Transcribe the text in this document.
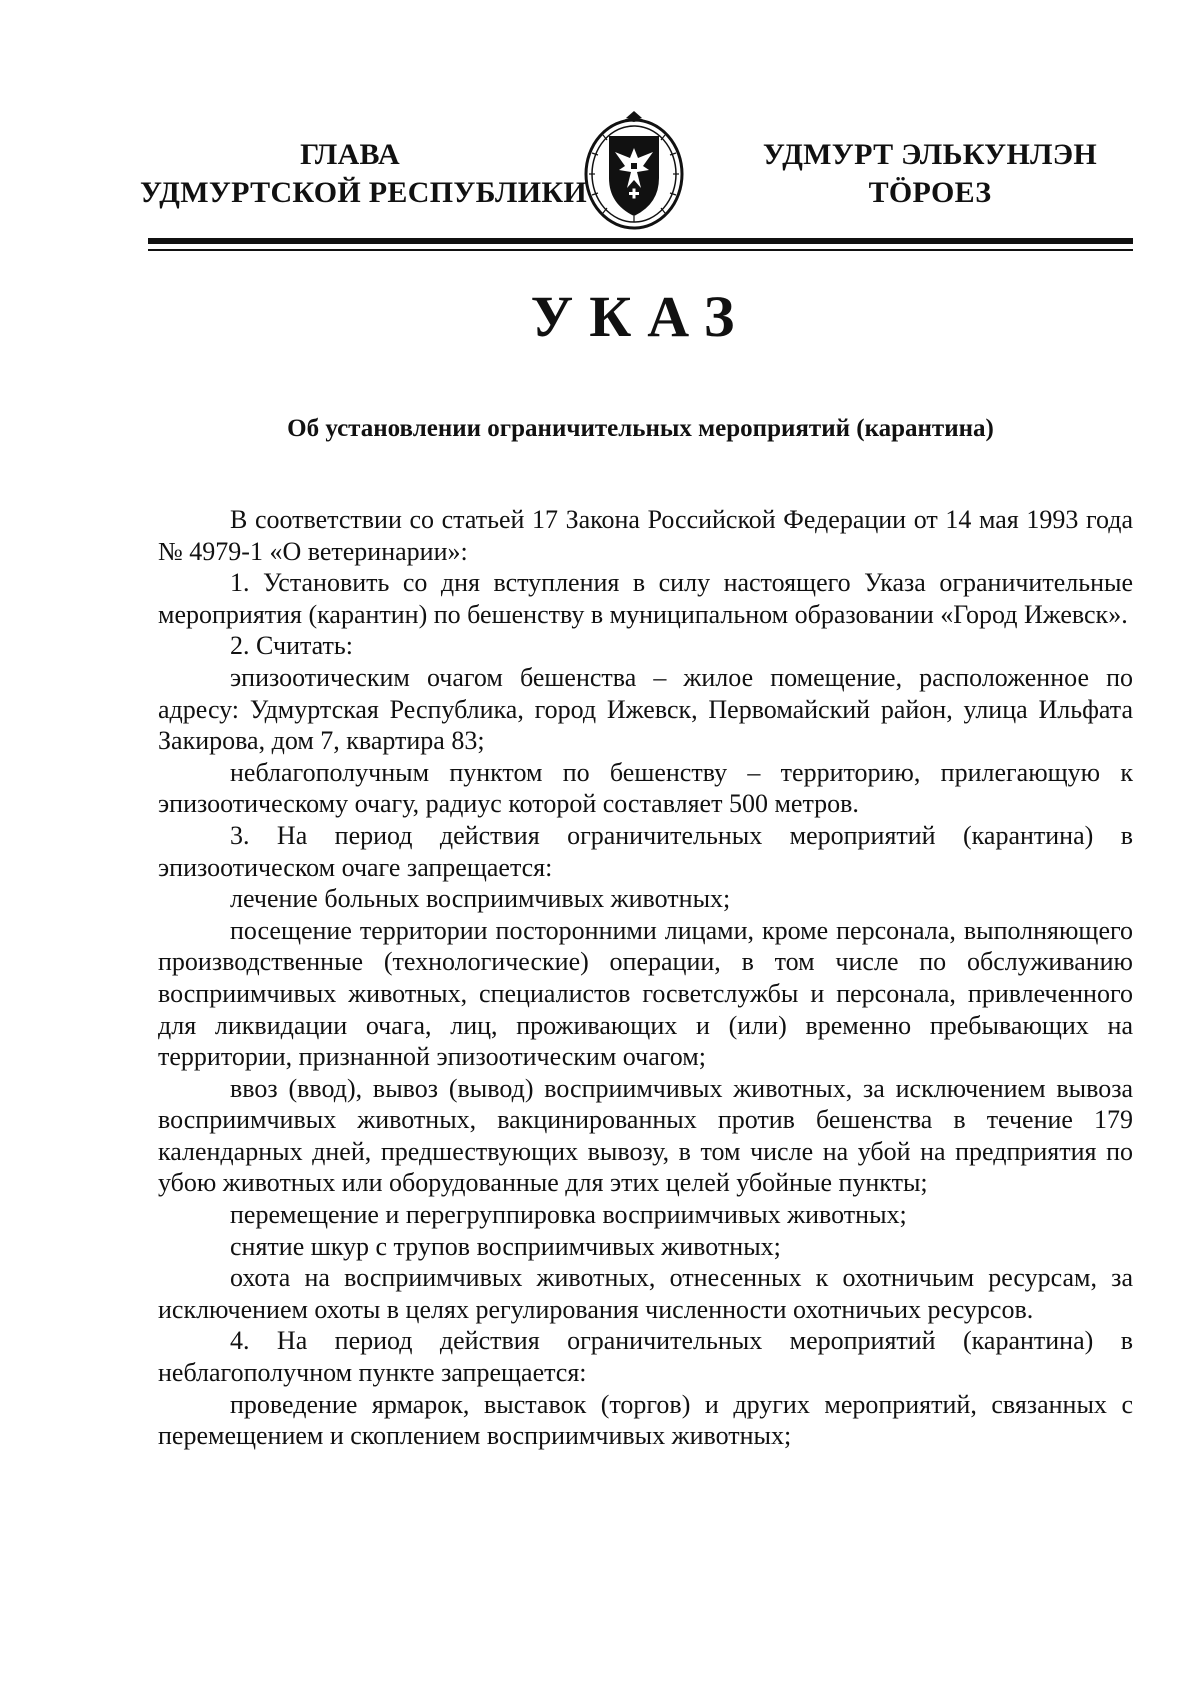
ГЛАВА
УДМУРТСКОЙ РЕСПУБЛИКИ
УДМУРТ ЭЛЬКУНЛЭН
ТӦРОЕЗ
УКАЗ
Об установлении ограничительных мероприятий (карантина)

В соответствии со статьей 17 Закона Российской Федерации от 14 мая 1993 года № 4979-1 «О ветеринарии»:

1. Установить со дня вступления в силу настоящего Указа ограничительные мероприятия (карантин) по бешенству в муниципальном образовании «Город Ижевск».

2. Считать:

эпизоотическим очагом бешенства – жилое помещение, расположенное по адресу: Удмуртская Республика, город Ижевск, Первомайский район, улица Ильфата Закирова, дом 7, квартира 83;

неблагополучным пунктом по бешенству – территорию, прилегающую к эпизоотическому очагу, радиус которой составляет 500 метров.

3. На период действия ограничительных мероприятий (карантина) в эпизоотическом очаге запрещается:

лечение больных восприимчивых животных;

посещение территории посторонними лицами, кроме персонала, выполняющего производственные (технологические) операции, в том числе по обслуживанию восприимчивых животных, специалистов госветслужбы и персонала, привлеченного для ликвидации очага, лиц, проживающих и (или) временно пребывающих на территории, признанной эпизоотическим очагом;

ввоз (ввод), вывоз (вывод) восприимчивых животных, за исключением вывоза восприимчивых животных, вакцинированных против бешенства в течение 179 календарных дней, предшествующих вывозу, в том числе на убой на предприятия по убою животных или оборудованные для этих целей убойные пункты;

перемещение и перегруппировка восприимчивых животных;

снятие шкур с трупов восприимчивых животных;

охота на восприимчивых животных, отнесенных к охотничьим ресурсам, за исключением охоты в целях регулирования численности охотничьих ресурсов.

4. На период действия ограничительных мероприятий (карантина) в неблагополучном пункте запрещается:

проведение ярмарок, выставок (торгов) и других мероприятий, связанных с перемещением и скоплением восприимчивых животных;
